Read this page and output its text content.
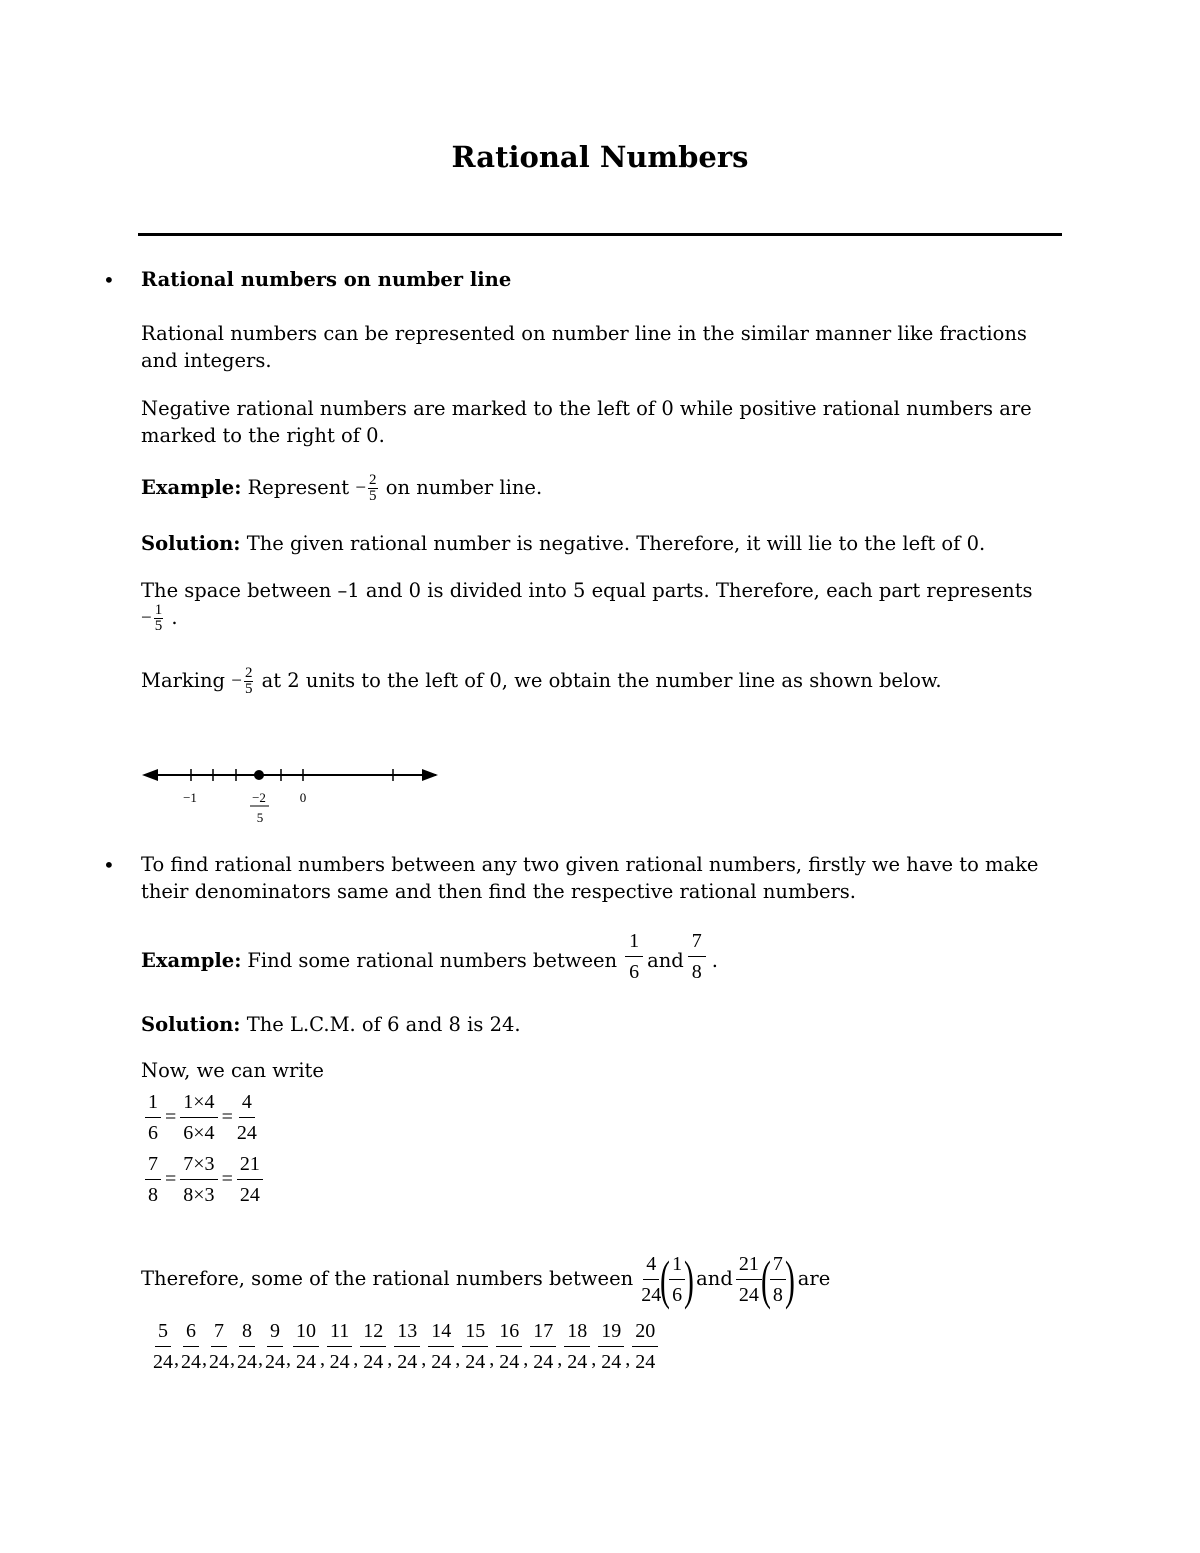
Rational Numbers
• Rational numbers on number line
Rational numbers can be represented on number line in the similar manner like fractions
and integers.
Negative rational numbers are marked to the left of 0 while positive rational numbers are
marked to the right of 0.
Example: Represent − $\frac{2}{5}$ on number line.
Solution: The given rational number is negative. Therefore, it will lie to the left of 0.
The space between –1 and 0 is divided into 5 equal parts. Therefore, each part represents
− $\frac{1}{5}$ .
Marking − $\frac{2}{5}$ at 2 units to the left of 0, we obtain the number line as shown below.
−1	−2
5
0
• To find rational numbers between any two given rational numbers, firstly we have to make
their denominators same and then find the respective rational numbers.
Example: Find some rational numbers between $\frac{1}{6}$ and $\frac{7}{8}$ .
Solution: The L.C.M. of 6 and 8 is 24.
Now, we can write
$\frac{1}{6} = \frac{1\times 4}{6\times 4} = \frac{4}{24}$
$\frac{7}{8} = \frac{7\times 3}{8\times 3} = \frac{21}{24}$
Therefore, some of the rational numbers between $\frac{4}{24}$ ( $\frac{1}{6}$ ) and $\frac{21}{24}$ ( $\frac{7}{8}$ ) are
$\frac{5}{24}$ , $\frac{6}{24}$ , $\frac{7}{24}$ , $\frac{8}{24}$ , $\frac{9}{24}$ , $\frac{10}{24}$ , $\frac{11}{24}$ , $\frac{12}{24}$ , $\frac{13}{24}$ , $\frac{14}{24}$ , $\frac{15}{24}$ , $\frac{16}{24}$ , $\frac{17}{24}$ , $\frac{18}{24}$ , $\frac{19}{24}$ , $\frac{20}{24}$
